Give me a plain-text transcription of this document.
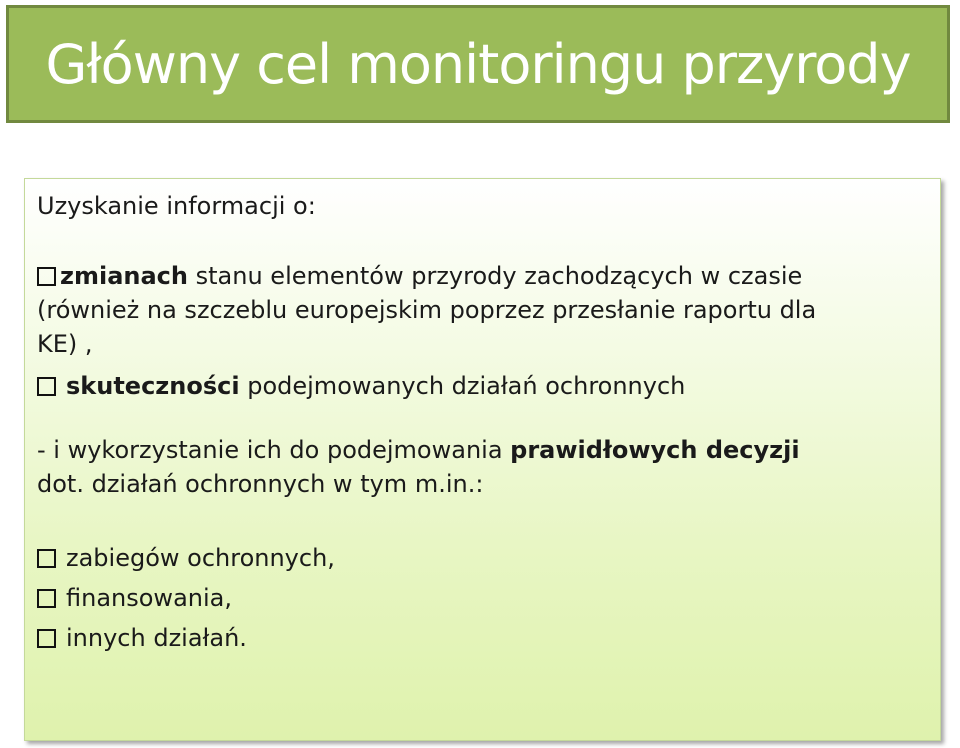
Główny cel monitoringu przyrody
Uzyskanie informacji o:
zmianach stanu elementów przyrody zachodzących w czasie
(również na szczeblu europejskim poprzez przesłanie raportu dla
KE) ,
skuteczności podejmowanych działań ochronnych
- i wykorzystanie ich do podejmowania prawidłowych decyzji
dot. działań ochronnych w tym m.in.:
zabiegów ochronnych,
finansowania,
innych działań.
